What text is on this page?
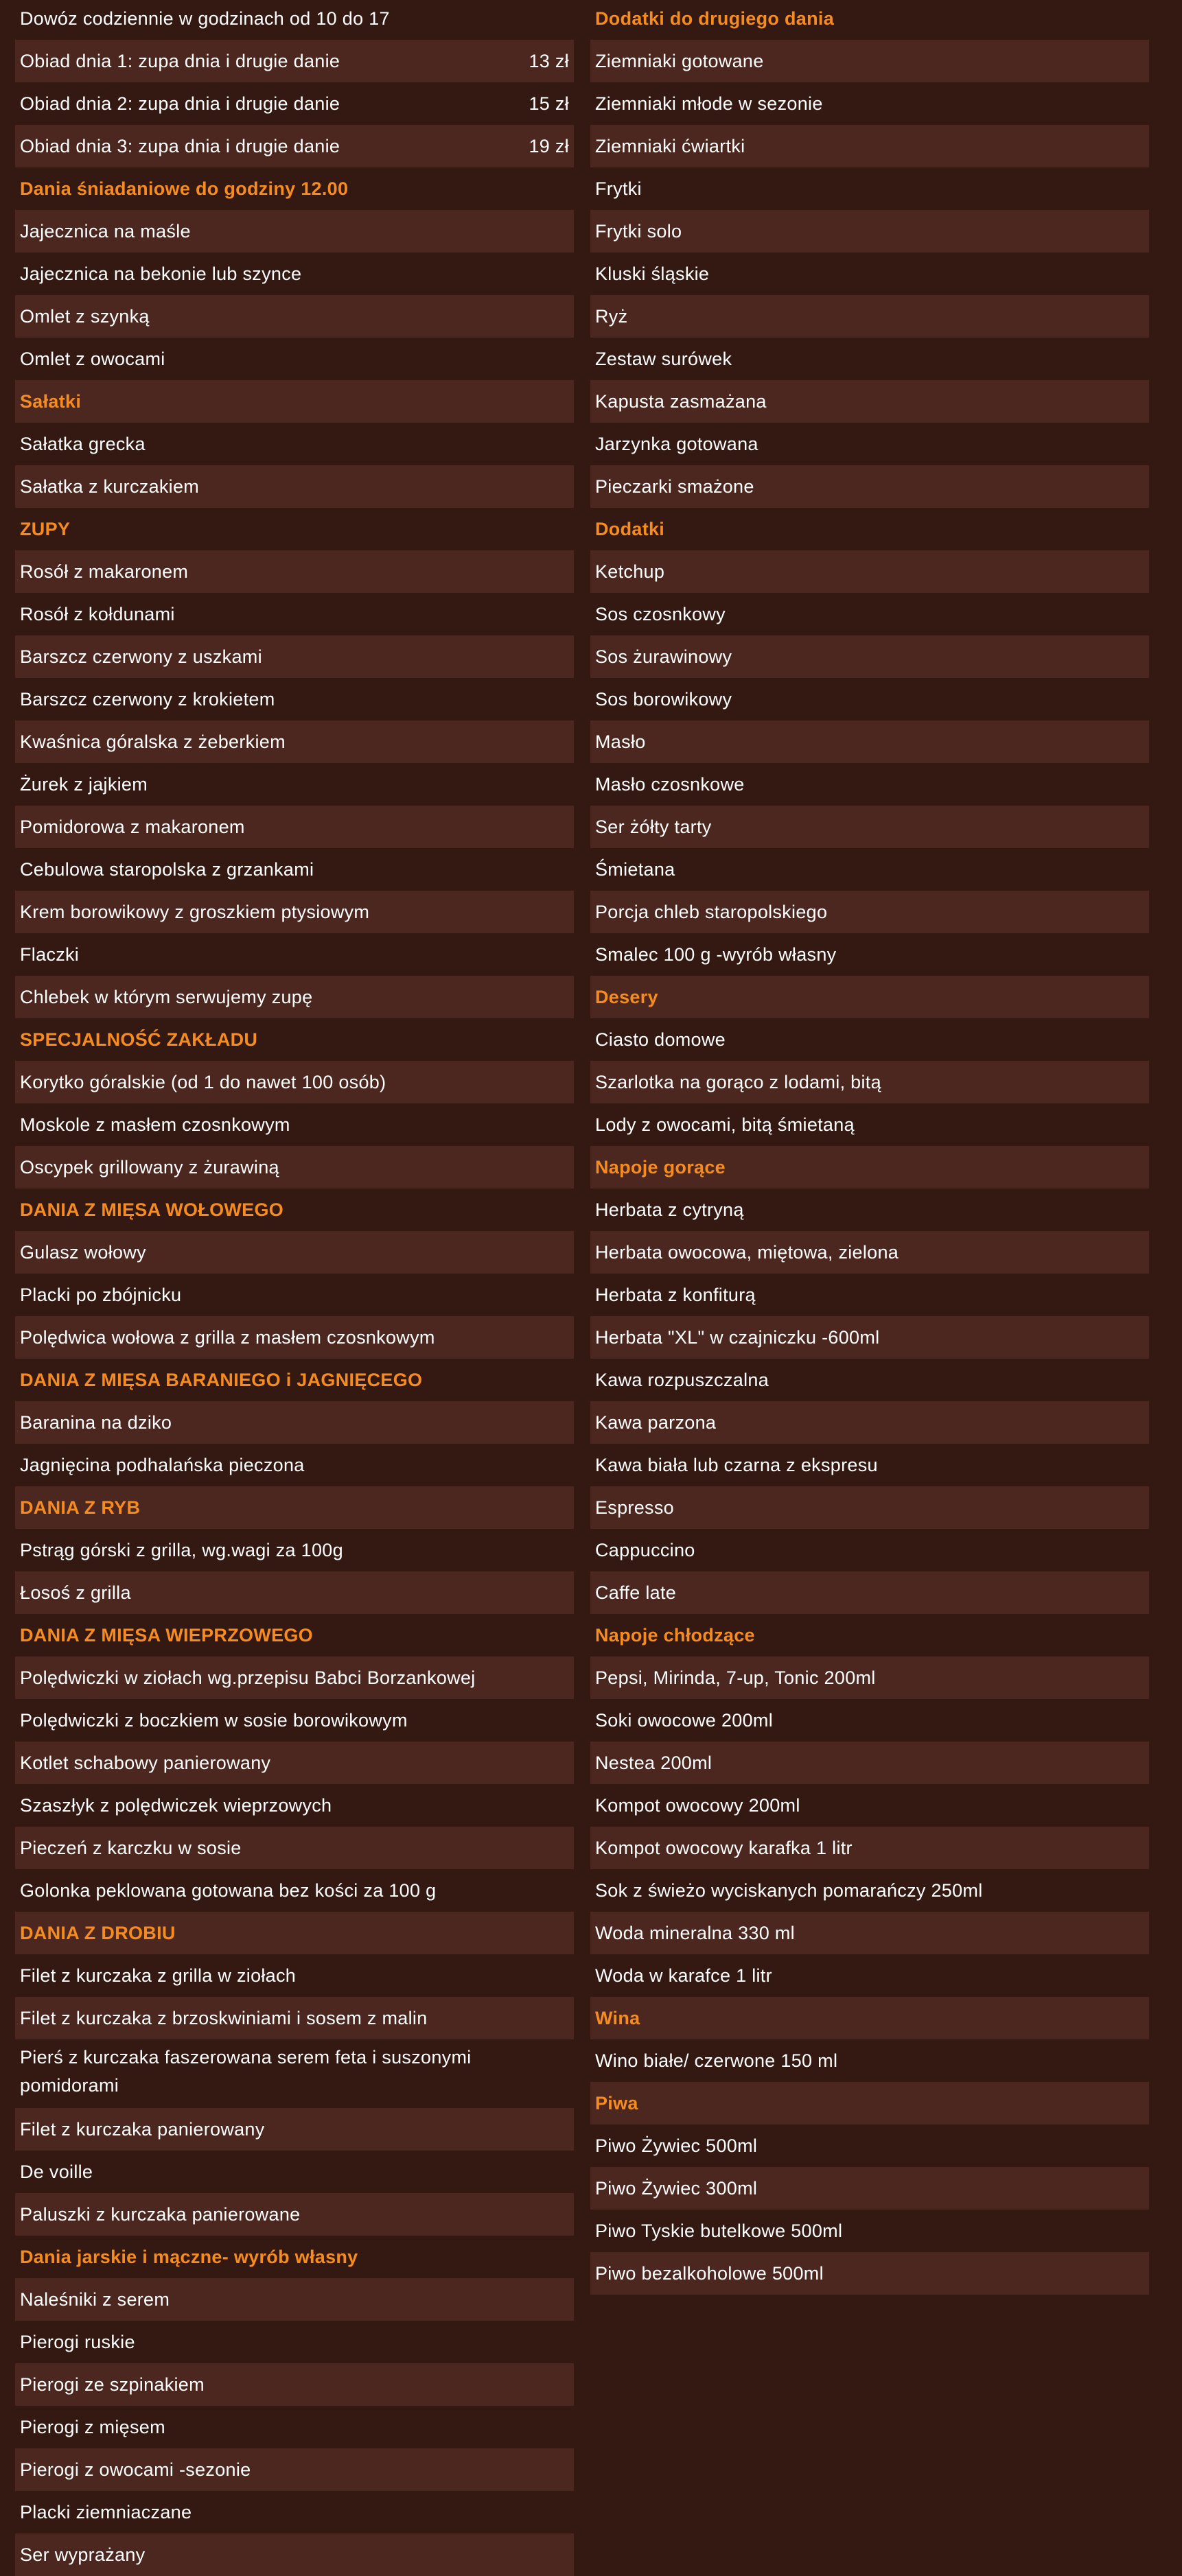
Dowóz codziennie w godzinach od 10 do 17
Obiad dnia 1: zupa dnia i drugie danie	13 zł
Obiad dnia 2: zupa dnia i drugie danie	15 zł
Obiad dnia 3: zupa dnia i drugie danie	19 zł
Dania śniadaniowe do godziny 12.00
Jajecznica na maśle
Jajecznica na bekonie lub szynce
Omlet z szynką
Omlet z owocami
Sałatki
Sałatka grecka
Sałatka z kurczakiem
ZUPY
Rosół z makaronem
Rosół z kołdunami
Barszcz czerwony z uszkami
Barszcz czerwony z krokietem
Kwaśnica góralska z żeberkiem
Żurek z jajkiem
Pomidorowa z makaronem
Cebulowa staropolska z grzankami
Krem borowikowy z groszkiem ptysiowym
Flaczki
Chlebek w którym serwujemy zupę
SPECJALNOŚĆ ZAKŁADU
Korytko góralskie (od 1 do nawet 100 osób)
Moskole z masłem czosnkowym
Oscypek grillowany z żurawiną
DANIA Z MIĘSA WOŁOWEGO
Gulasz wołowy
Placki po zbójnicku
Polędwica wołowa z grilla z masłem czosnkowym
DANIA Z MIĘSA BARANIEGO i JAGNIĘCEGO
Baranina na dziko
Jagnięcina podhalańska pieczona
DANIA Z RYB
Pstrąg górski z grilla, wg.wagi za 100g
Łosoś z grilla
DANIA Z MIĘSA WIEPRZOWEGO
Polędwiczki w ziołach wg.przepisu Babci Borzankowej
Polędwiczki z boczkiem w sosie borowikowym
Kotlet schabowy panierowany
Szaszłyk z polędwiczek wieprzowych
Pieczeń z karczku w sosie
Golonka peklowana gotowana bez kości za 100 g
DANIA Z DROBIU
Filet z kurczaka z grilla w ziołach
Filet z kurczaka z brzoskwiniami i sosem z malin
Pierś z kurczaka faszerowana serem feta i suszonymi pomidorami
Filet z kurczaka panierowany
De voille
Paluszki z kurczaka panierowane
Dania jarskie i mączne- wyrób własny
Naleśniki z serem
Pierogi ruskie
Pierogi ze szpinakiem
Pierogi z mięsem
Pierogi z owocami -sezonie
Placki ziemniaczane
Ser wyprażany
Dodatki do drugiego dania
Ziemniaki gotowane
Ziemniaki młode w sezonie
Ziemniaki ćwiartki
Frytki
Frytki solo
Kluski śląskie
Ryż
Zestaw surówek
Kapusta zasmażana
Jarzynka gotowana
Pieczarki smażone
Dodatki
Ketchup
Sos czosnkowy
Sos żurawinowy
Sos borowikowy
Masło
Masło czosnkowe
Ser żółty tarty
Śmietana
Porcja chleb staropolskiego
Smalec 100 g -wyrób własny
Desery
Ciasto domowe
Szarlotka na gorąco z lodami, bitą
Lody z owocami, bitą śmietaną
Napoje gorące
Herbata z cytryną
Herbata owocowa, miętowa, zielona
Herbata z konfiturą
Herbata "XL" w czajniczku -600ml
Kawa rozpuszczalna
Kawa parzona
Kawa biała lub czarna z ekspresu
Espresso
Cappuccino
Caffe late
Napoje chłodzące
Pepsi, Mirinda, 7-up, Tonic 200ml
Soki owocowe 200ml
Nestea 200ml
Kompot owocowy 200ml
Kompot owocowy karafka 1 litr
Sok z świeżo wyciskanych pomarańczy 250ml
Woda mineralna 330 ml
Woda w karafce 1 litr
Wina
Wino białe/ czerwone 150 ml
Piwa
Piwo Żywiec 500ml
Piwo Żywiec 300ml
Piwo Tyskie butelkowe 500ml
Piwo bezalkoholowe 500ml
